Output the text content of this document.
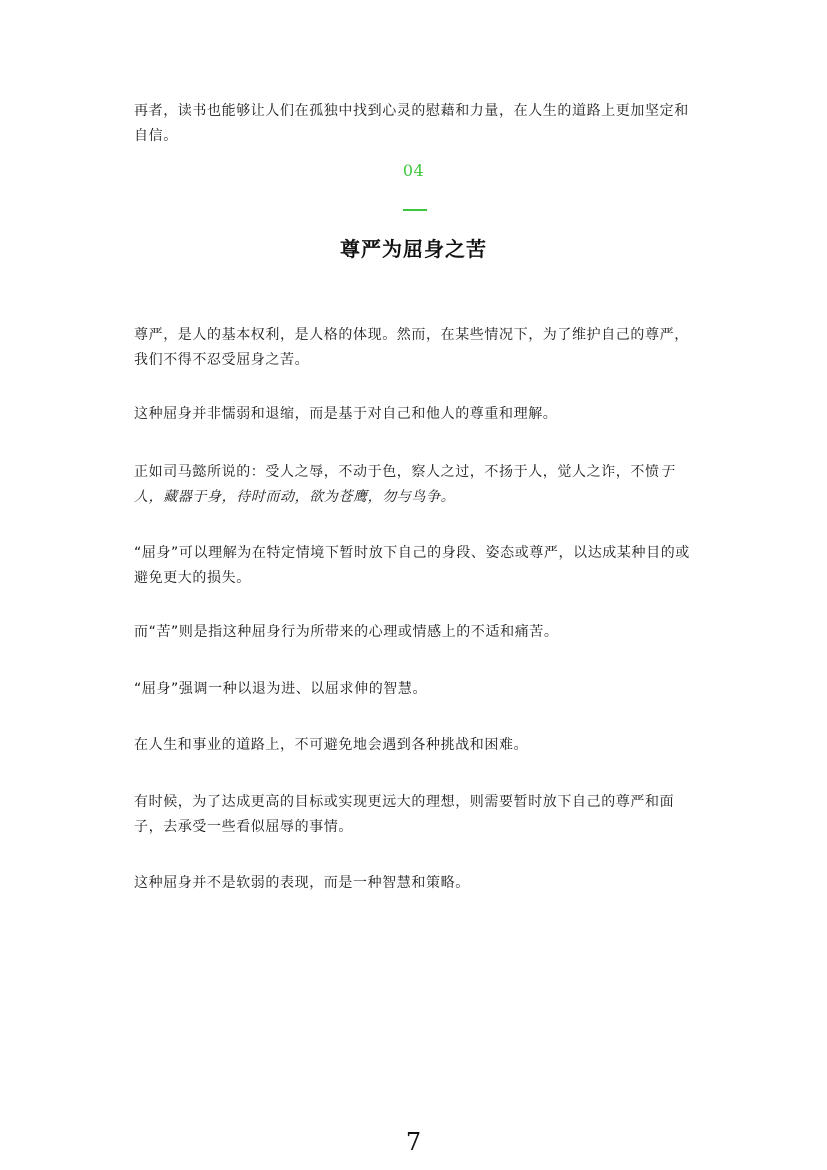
再者，读书也能够让人们在孤独中找到心灵的慰藉和力量，在人生的道路上更加坚定和自信。

04
尊严为屈身之苦

尊严，是人的基本权利，是人格的体现。然而，在某些情况下，为了维护自己的尊严，我们不得不忍受屈身之苦。

这种屈身并非懦弱和退缩，而是基于对自己和他人的尊重和理解。

正如司马懿所说的：受人之辱，不动于色，察人之过，不扬于人，觉人之诈，不愤于人，藏器于身，待时而动，欲为苍鹰，勿与鸟争。

“屈身”可以理解为在特定情境下暂时放下自己的身段、姿态或尊严，以达成某种目的或避免更大的损失。

而“苦”则是指这种屈身行为所带来的心理或情感上的不适和痛苦。

“屈身”强调一种以退为进、以屈求伸的智慧。

在人生和事业的道路上，不可避免地会遇到各种挑战和困难。

有时候，为了达成更高的目标或实现更远大的理想，则需要暂时放下自己的尊严和面子，去承受一些看似屈辱的事情。

这种屈身并不是软弱的表现，而是一种智慧和策略。

7
